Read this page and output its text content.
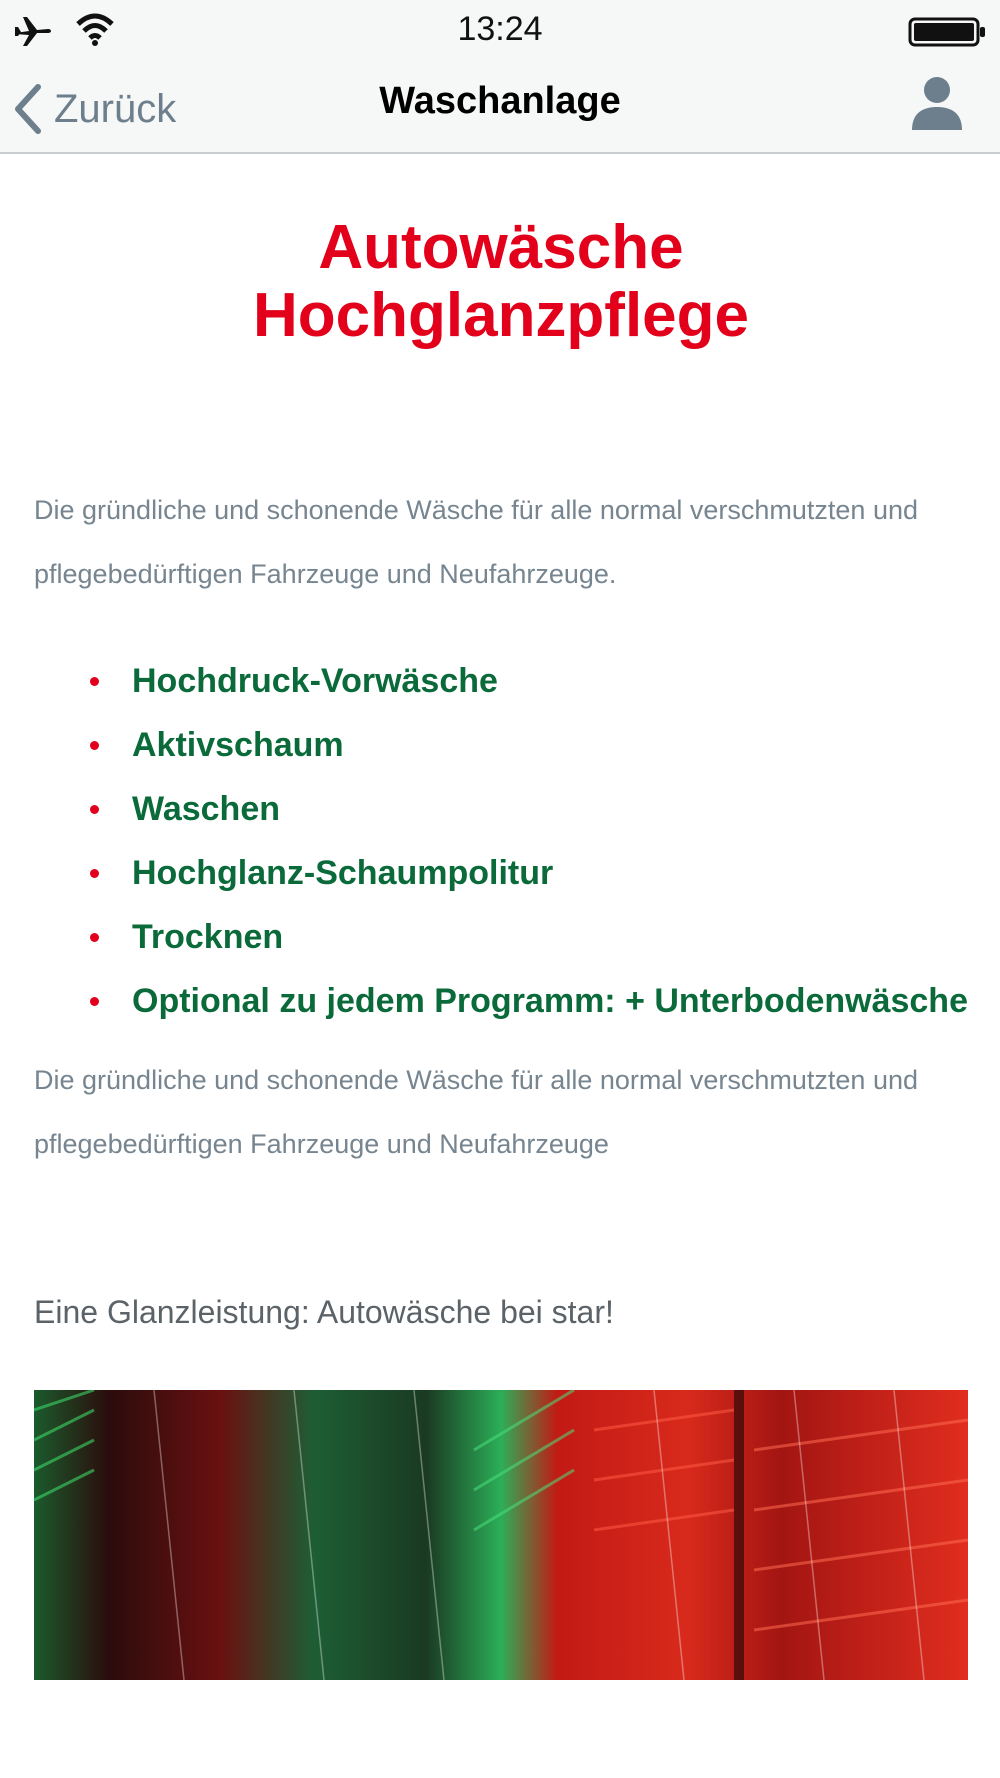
13:24
Zurück	Waschanlage
Autowäsche
Hochglanzpflege

Die gründliche und schonende Wäsche für alle normal verschmutzten und pflegebedürftigen Fahrzeuge und Neufahrzeuge.

Hochdruck-Vorwäsche
Aktivschaum
Waschen
Hochglanz-Schaumpolitur
Trocknen
Optional zu jedem Programm: + Unterbodenwäsche

Die gründliche und schonende Wäsche für alle normal verschmutzten und pflegebedürftigen Fahrzeuge und Neufahrzeuge

Eine Glanzleistung: Autowäsche bei star!
